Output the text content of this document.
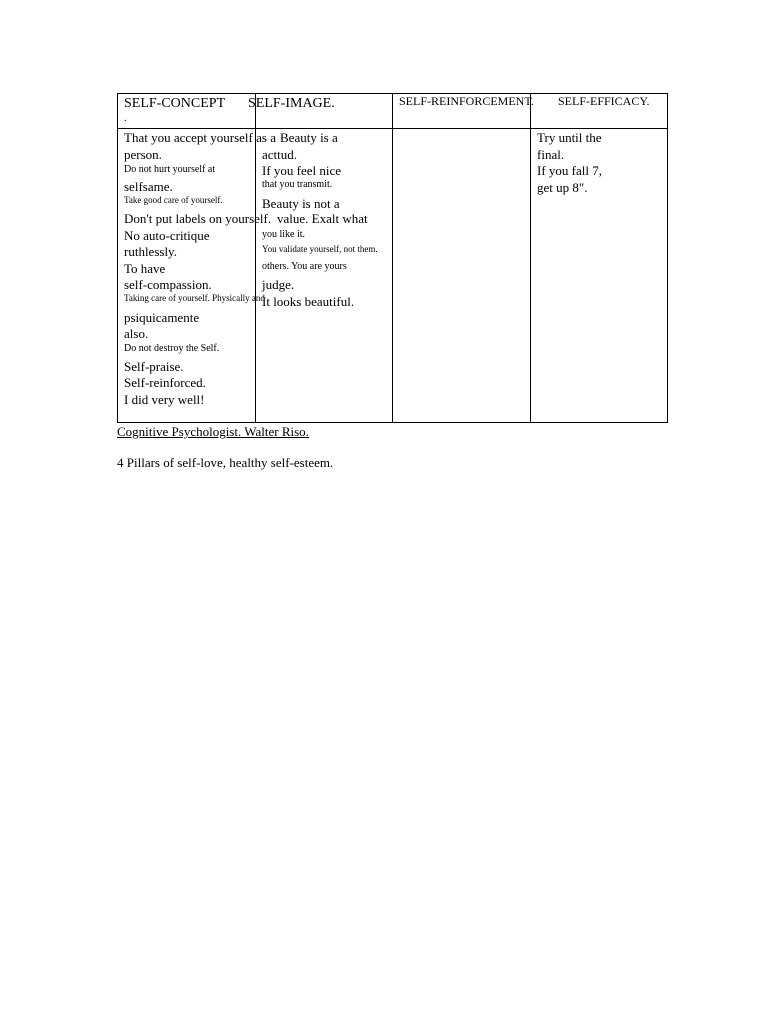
SELF-CONCEPT
.
SELF-IMAGE.	SELF-REINFORCEMENT. SELF-EFFICACY.
That you accept yourself as a
person.
Do not hurt yourself at
selfsame.
Take good care of yourself.
Don't put labels on yourself.
No auto-critique
ruthlessly.
To have
self-compassion.
Taking care of yourself. Physically and
psiquicamente
also.
Do not destroy the Self.
Self-praise.
Self-reinforced.
I did very well!
Beauty is a
acttud.
If you feel nice
that you transmit.
Beauty is not a
value. Exalt what
you like it.
You validate yourself, not them.
others. You are yours
judge.
It looks beautiful.
Try until the
final.
If you fall 7,
get up 8".
Cognitive Psychologist. Walter Riso.
4 Pillars of self-love, healthy self-esteem.
